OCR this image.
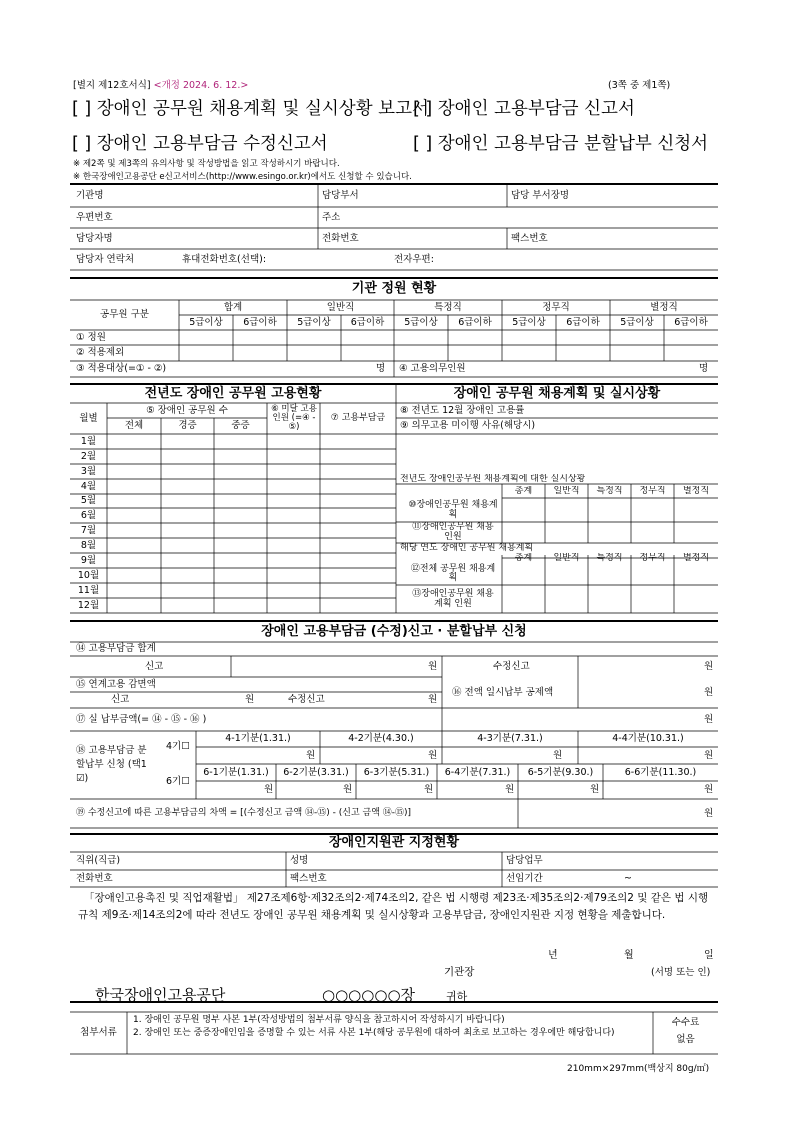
[별지 제12호서식] <개정 2024. 6. 12.>	(3쪽 중 제1쪽)
[ ] 장애인 공무원 채용계획 및 실시상황 보고서
[ ] 장애인 고용부담금 신고서
[ ] 장애인 고용부담금 수정신고서	[ ] 장애인 고용부담금 분할납부 신청서
※ 제2쪽 및 제3쪽의 유의사항 및 작성방법을 읽고 작성하시기 바랍니다.
※ 한국장애인고용공단 e신고서비스(http://www.esingo.or.kr)에서도 신청할 수 있습니다.
기관명	담당부서	담당 부서장명
우편번호	주소
담당자명	전화번호	팩스번호
담당자 연락처	휴대전화번호(선택):	전자우편:
기관 정원 현황
공무원 구분
합계	일반직	특정직	정무직	별정직
5급이상	6급이하	5급이상	6급이하	5급이상	6급이하	5급이상	6급이하	5급이상	6급이하
① 정원
② 적용제외
③ 적용대상(=① - ②)	명 ④ 고용의무인원	명
전년도 장애인 공무원 고용현황
월별
⑤ 장애인 공무원 수
전체	경증	중증
⑥ 미달 고용인원 (=④ - ⑤)
⑦ 고용부담금
1월
2월
3월
4월
5월
6월
7월
8월
9월
10월
11월
12월
장애인 공무원 채용계획 및 실시상황
⑧ 전년도 12월 장애인 고용률
⑨ 의무고용 미이행 사유(해당시)
전년도 장애인공무원 채용계획에 대한 실시상황
총계	일반직	특정직	정무직	별정직
⑩장애인공무원 채용계획
⑪장애인공무원 채용인원
해당 연도 장애인 공무원 채용계획
총계	일반직	특정직	정무직	별정직
⑫전체 공무원 채용계획
⑬장애인공무원 채용계획 인원
장애인 고용부담금 (수정)신고 · 분할납부 신청
⑭ 고용부담금 합계
신고	원	수정신고	원
⑮ 연계고용 감면액
신고	원	수정신고	원
⑯ 전액 일시납부 공제액	원
⑰ 실 납부금액(= ⑭ - ⑮ - ⑯ )	원
⑱ 고용부담금 분할납부 신청 (택1 ☑)
4기☐
6기☐
4-1기분(1.31.)	4-2기분(4.30.)	4-3기분(7.31.)	4-4기분(10.31.)
원	원	원	원
6-1기분(1.31.)	6-2기분(3.31.)	6-3기분(5.31.)	6-4기분(7.31.)	6-5기분(9.30.)	6-6기분(11.30.)
원	원	원	원	원	원
⑲ 수정신고에 따른 고용부담금의 차액 = [(수정신고 금액 ⑭-⑮) - (신고 금액 ⑭-⑮)]	원
장애인지원관 지정현황
직위(직급)	성명	담당업무
전화번호	팩스번호	선임기간	~
「장애인고용촉진 및 직업재활법」 제27조제6항·제32조의2·제74조의2, 같은 법 시행령 제23조·제35조의2·제79조의2 및 같은 법 시행규칙 제9조·제14조의2에 따라 전년도 장애인 공무원 채용계획 및 실시상황과 고용부담금, 장애인지원관 지정 현황을 제출합니다.
년	월	일
기관장	(서명 또는 인)
한국장애인고용공단	○○○○○○장	귀하
첨부서류
1. 장애인 공무원 명부 사본 1부(작성방법의 첨부서류 양식을 참고하시어 작성하시기 바랍니다)
2. 장애인 또는 중증장애인임을 증명할 수 있는 서류 사본 1부(해당 공무원에 대하여 최초로 보고하는 경우에만 해당합니다)
수수료
없음
210mm×297mm(백상지 80g/㎡)
